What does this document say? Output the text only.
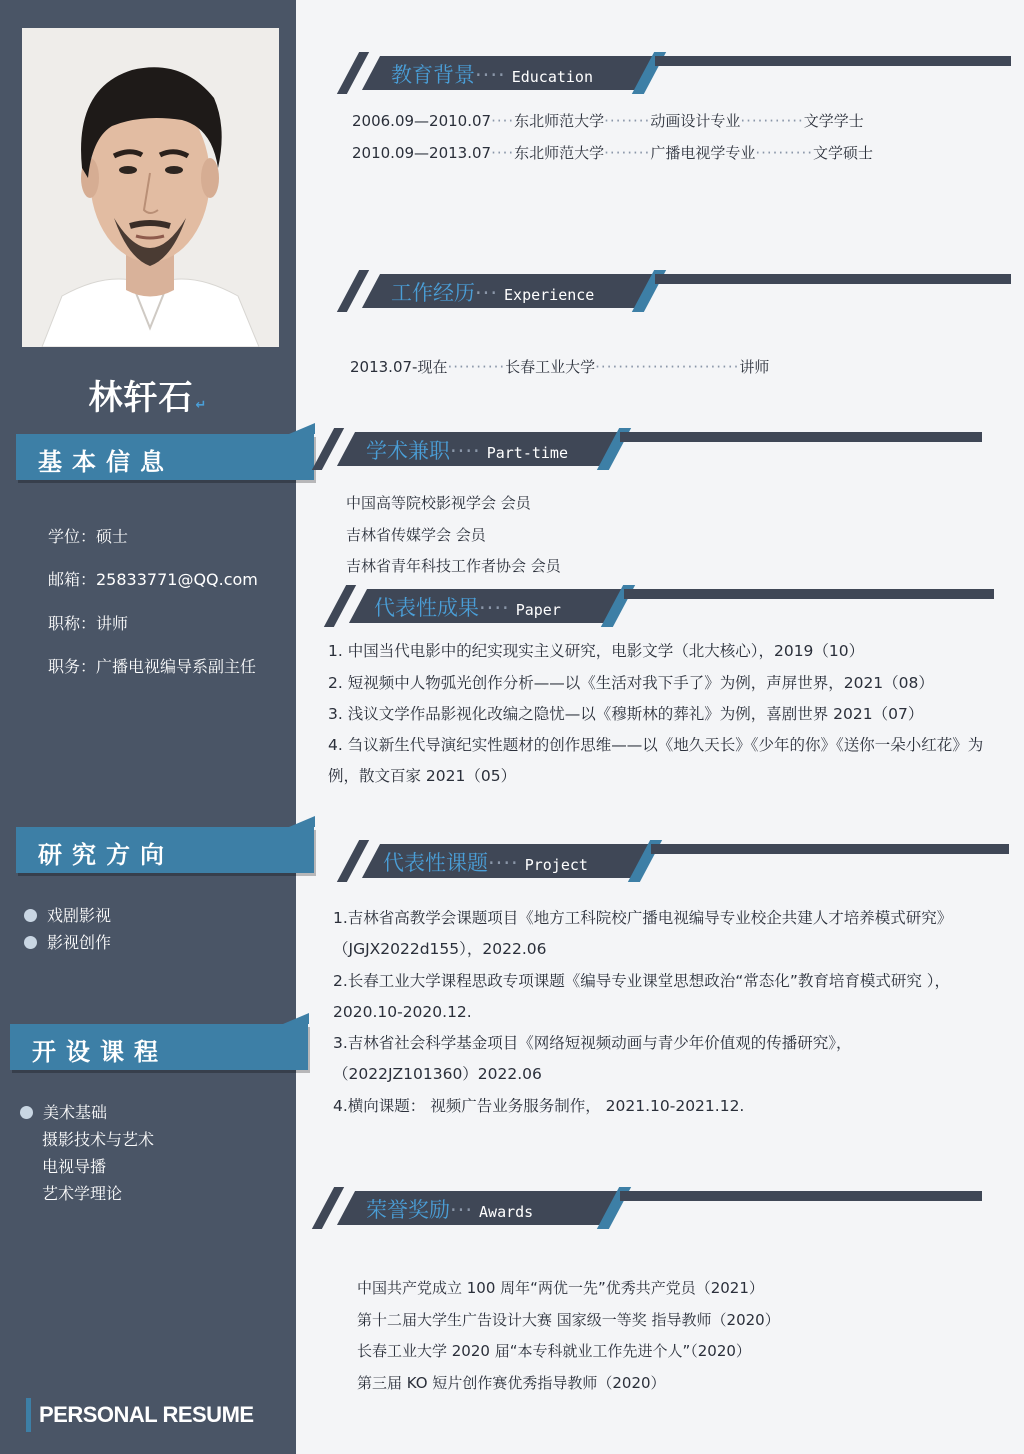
林轩石 ↵
基本信息
学位：硕士
邮箱：25833771@QQ.com
职称：讲师
职务：广播电视编导系副主任
研究方向
戏剧影视
影视创作
开设课程
美术基础
摄影技术与艺术
电视导播
艺术学理论
PERSONAL RESUME
教育背景···· Education
2006.09—2010.07····东北师范大学········动画设计专业···········文学学士
2010.09—2013.07····东北师范大学········广播电视学专业··········文学硕士
工作经历··· Experience
2013.07-现在··········长春工业大学·························讲师
学术兼职···· Part-time
中国高等院校影视学会 会员
吉林省传媒学会 会员
吉林省青年科技工作者协会 会员
代表性成果···· Paper
1. 中国当代电影中的纪实现实主义研究，电影文学（北大核心），2019（10）
2. 短视频中人物弧光创作分析——以《生活对我下手了》为例，声屏世界，2021（08）
3. 浅议文学作品影视化改编之隐忧—以《穆斯林的葬礼》为例，喜剧世界 2021（07）
4. 刍议新生代导演纪实性题材的创作思维——以《地久天长》《少年的你》《送你一朵小红花》为例，散文百家 2021（05）
代表性课题···· Project
1.吉林省高教学会课题项目《地方工科院校广播电视编导专业校企共建人才培养模式研究》（JGJX2022d155），2022.06
2.长春工业大学课程思政专项课题《编导专业课堂思想政治“常态化”教育培育模式研究 ），2020.10-2020.12.
3.吉林省社会科学基金项目《网络短视频动画与青少年价值观的传播研究》，（2022JZ101360）2022.06
4.横向课题： 视频广告业务服务制作， 2021.10-2021.12.
荣誉奖励··· Awards
中国共产党成立 100 周年“两优一先”优秀共产党员（2021）
第十二届大学生广告设计大赛 国家级一等奖 指导教师（2020）
长春工业大学 2020 届“本专科就业工作先进个人”（2020）
第三届 KO 短片创作赛优秀指导教师（2020）
